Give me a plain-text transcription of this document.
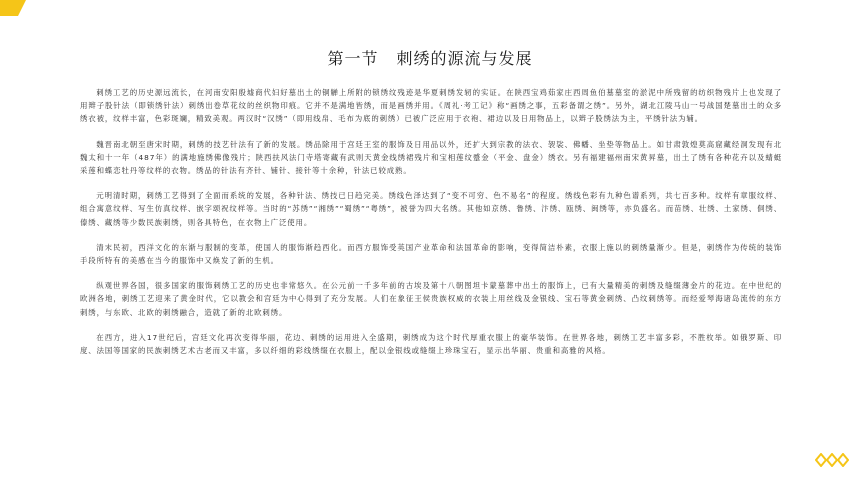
第一节 刺绣的源流与发展

刺绣工艺的历史源远流长，在河南安阳殷墟商代妇好墓出土的铜觯上所附的锁绣纹残迹是华夏刺绣发轫的实证。在陕西宝鸡茹家庄西周鱼伯墓墓室的淤泥中所残留的纺织物残片上也发现了用辫子股针法（即锁绣针法）刺绣出卷草花纹的丝织物印痕。它并不是满地皆绣，而是画绣并用。《周礼·考工记》称“画绣之事，五彩备谓之绣”。另外，湖北江陵马山一号战国楚墓出土的众多绣衣被，纹样丰富，色彩斑斓，精致美观。两汉时“汉绣”（即用线帛、毛布为底的刺绣）已被广泛应用于衣袍、裙边以及日用物品上，以辫子股绣法为主，平绣针法为辅。

魏晋南北朝至唐宋时期，刺绣的技艺针法有了新的发展。绣品除用于宫廷王室的服饰及日用品以外，还扩大到宗教的法衣、袈裟、佛幡、坐垫等物品上。如甘肃敦煌莫高窟藏经洞发现有北魏太和十一年（487年）的满地施绣佛像残片；陕西扶风法门寺塔寄藏有武则天黄金线绣裙残片和宝相莲纹蹙金（平金、盘金）绣衣。另有福建福州南宋黄昇墓，出土了绣有各种花卉以及蜻蜓采莲和蝶恋牡丹等纹样的衣物。绣品的针法有齐针、铺针、接针等十余种，针法已较成熟。

元明清时期，刺绣工艺得到了全面而系统的发展，各种针法、绣技已日趋完美。绣线色泽达到了“变不可穷、色不易名”的程度。绣线色彩有九种色谱系列，共七百多种。纹样有章服纹样、组合寓意纹样、写生仿真纹样、嵌字颂祝纹样等。当时的“苏绣”“湘绣”“蜀绣”“粤绣”，被誉为四大名绣。其他如京绣、鲁绣、汴绣、瓯绣、闽绣等，亦负盛名。而苗绣、壮绣、土家绣、侗绣、傣绣、藏绣等少数民族刺绣，则各具特色，在衣物上广泛使用。

清末民初，西洋文化的东渐与服制的变革，使国人的服饰渐趋西化。而西方服饰受英国产业革命和法国革命的影响，变得简洁朴素，衣服上施以的刺绣量渐少。但是，刺绣作为传统的装饰手段所特有的美感在当今的服饰中又焕发了新的生机。

纵观世界各国，很多国家的服饰刺绣工艺的历史也非常悠久。在公元前一千多年前的古埃及第十八朝图坦卡蒙墓葬中出土的服饰上，已有大量精美的刺绣及缝缀薄金片的花边。在中世纪的欧洲各地，刺绣工艺迎来了黄金时代，它以教会和宫廷为中心得到了充分发展。人们在象征王侯贵族权威的衣装上用丝线及金银线、宝石等黄金刺绣、凸纹刺绣等。而经爱琴海诸岛流传的东方刺绣，与东欧、北欧的刺绣融合，造就了新的北欧刺绣。

在西方，进入17世纪后，宫廷文化再次变得华丽，花边、刺绣的运用进入全盛期，刺绣成为这个时代厚重衣服上的豪华装饰。在世界各地，刺绣工艺丰富多彩，不胜枚举。如俄罗斯、印度、法国等国家的民族刺绣艺术古老而又丰富，多以纤细的彩线绣缀在衣服上，配以金银线或缝缀上珍珠宝石，显示出华丽、贵重和高雅的风格。
